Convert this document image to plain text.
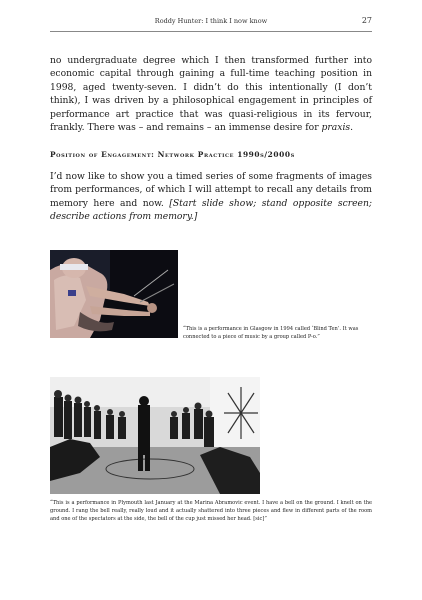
Roddy Hunter: I think I now know	27

no undergraduate degree which I then transformed further into economic capital through gaining a full-time teaching position in 1998, aged twenty-seven. I didn’t do this intentionally (I don’t think), I was driven by a philosophical engagement in principles of performance art practice that was quasi-religious in its fervour, frankly. There was – and remains – an immense desire for praxis.

Position of Engagement: Network Practice 1990s/2000s

I’d now like to show you a timed series of some fragments of images from performances, of which I will attempt to recall any details from memory here and now. [Start slide show; stand opposite screen; describe actions from memory.]

“This is a performance in Glasgow in 1994 called ‘Blind Ten’. It was connected to a piece of music by a group called P-o.”

“This is a performance in Plymouth last January at the Marina Abramovic event. I have a bell on the ground. I knelt on the ground. I rang the bell really, really loud and it actually shattered into three pieces and flew in different parts of the room and one of the spectators at the side, the bell of the cup just missed her head. [sic]”
